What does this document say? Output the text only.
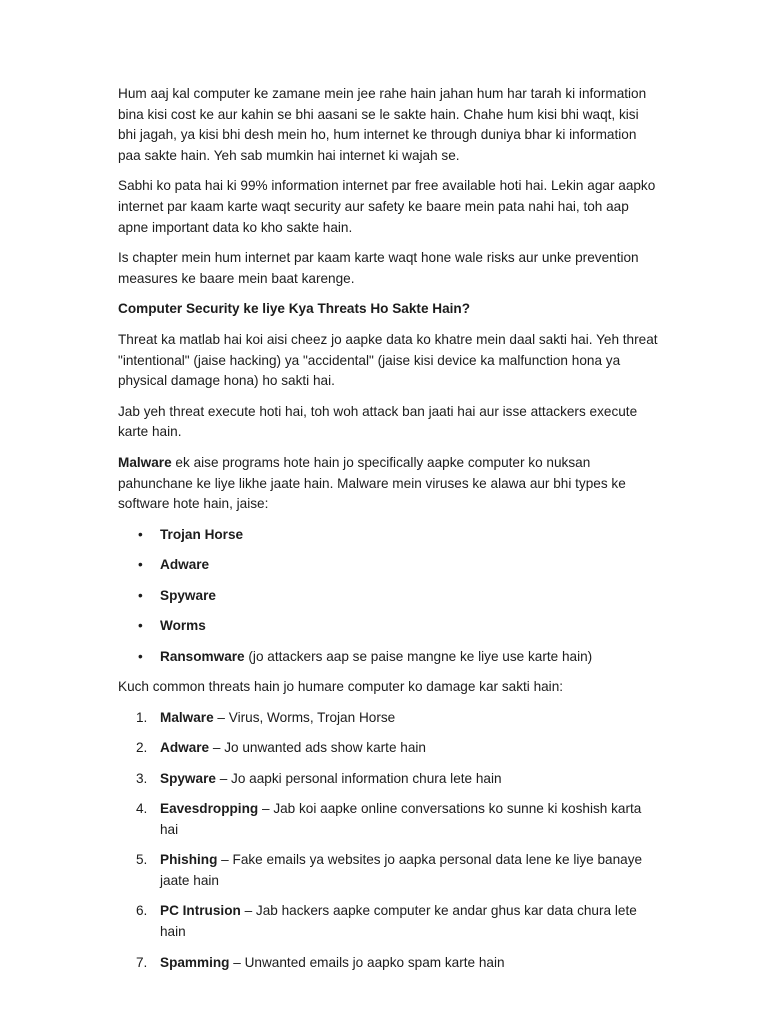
Hum aaj kal computer ke zamane mein jee rahe hain jahan hum har tarah ki information bina kisi cost ke aur kahin se bhi aasani se le sakte hain. Chahe hum kisi bhi waqt, kisi bhi jagah, ya kisi bhi desh mein ho, hum internet ke through duniya bhar ki information paa sakte hain. Yeh sab mumkin hai internet ki wajah se.

Sabhi ko pata hai ki 99% information internet par free available hoti hai. Lekin agar aapko internet par kaam karte waqt security aur safety ke baare mein pata nahi hai, toh aap apne important data ko kho sakte hain.

Is chapter mein hum internet par kaam karte waqt hone wale risks aur unke prevention measures ke baare mein baat karenge.

Computer Security ke liye Kya Threats Ho Sakte Hain?

Threat ka matlab hai koi aisi cheez jo aapke data ko khatre mein daal sakti hai. Yeh threat "intentional" (jaise hacking) ya "accidental" (jaise kisi device ka malfunction hona ya physical damage hona) ho sakti hai.

Jab yeh threat execute hoti hai, toh woh attack ban jaati hai aur isse attackers execute karte hain.

Malware ek aise programs hote hain jo specifically aapke computer ko nuksan pahunchane ke liye likhe jaate hain. Malware mein viruses ke alawa aur bhi types ke software hote hain, jaise:

• Trojan Horse
• Adware
• Spyware
• Worms
• Ransomware (jo attackers aap se paise mangne ke liye use karte hain)

Kuch common threats hain jo humare computer ko damage kar sakti hain:

1. Malware – Virus, Worms, Trojan Horse
2. Adware – Jo unwanted ads show karte hain
3. Spyware – Jo aapki personal information chura lete hain
4. Eavesdropping – Jab koi aapke online conversations ko sunne ki koshish karta hai
5. Phishing – Fake emails ya websites jo aapka personal data lene ke liye banaye jaate hain
6. PC Intrusion – Jab hackers aapke computer ke andar ghus kar data chura lete hain
7. Spamming – Unwanted emails jo aapko spam karte hain
